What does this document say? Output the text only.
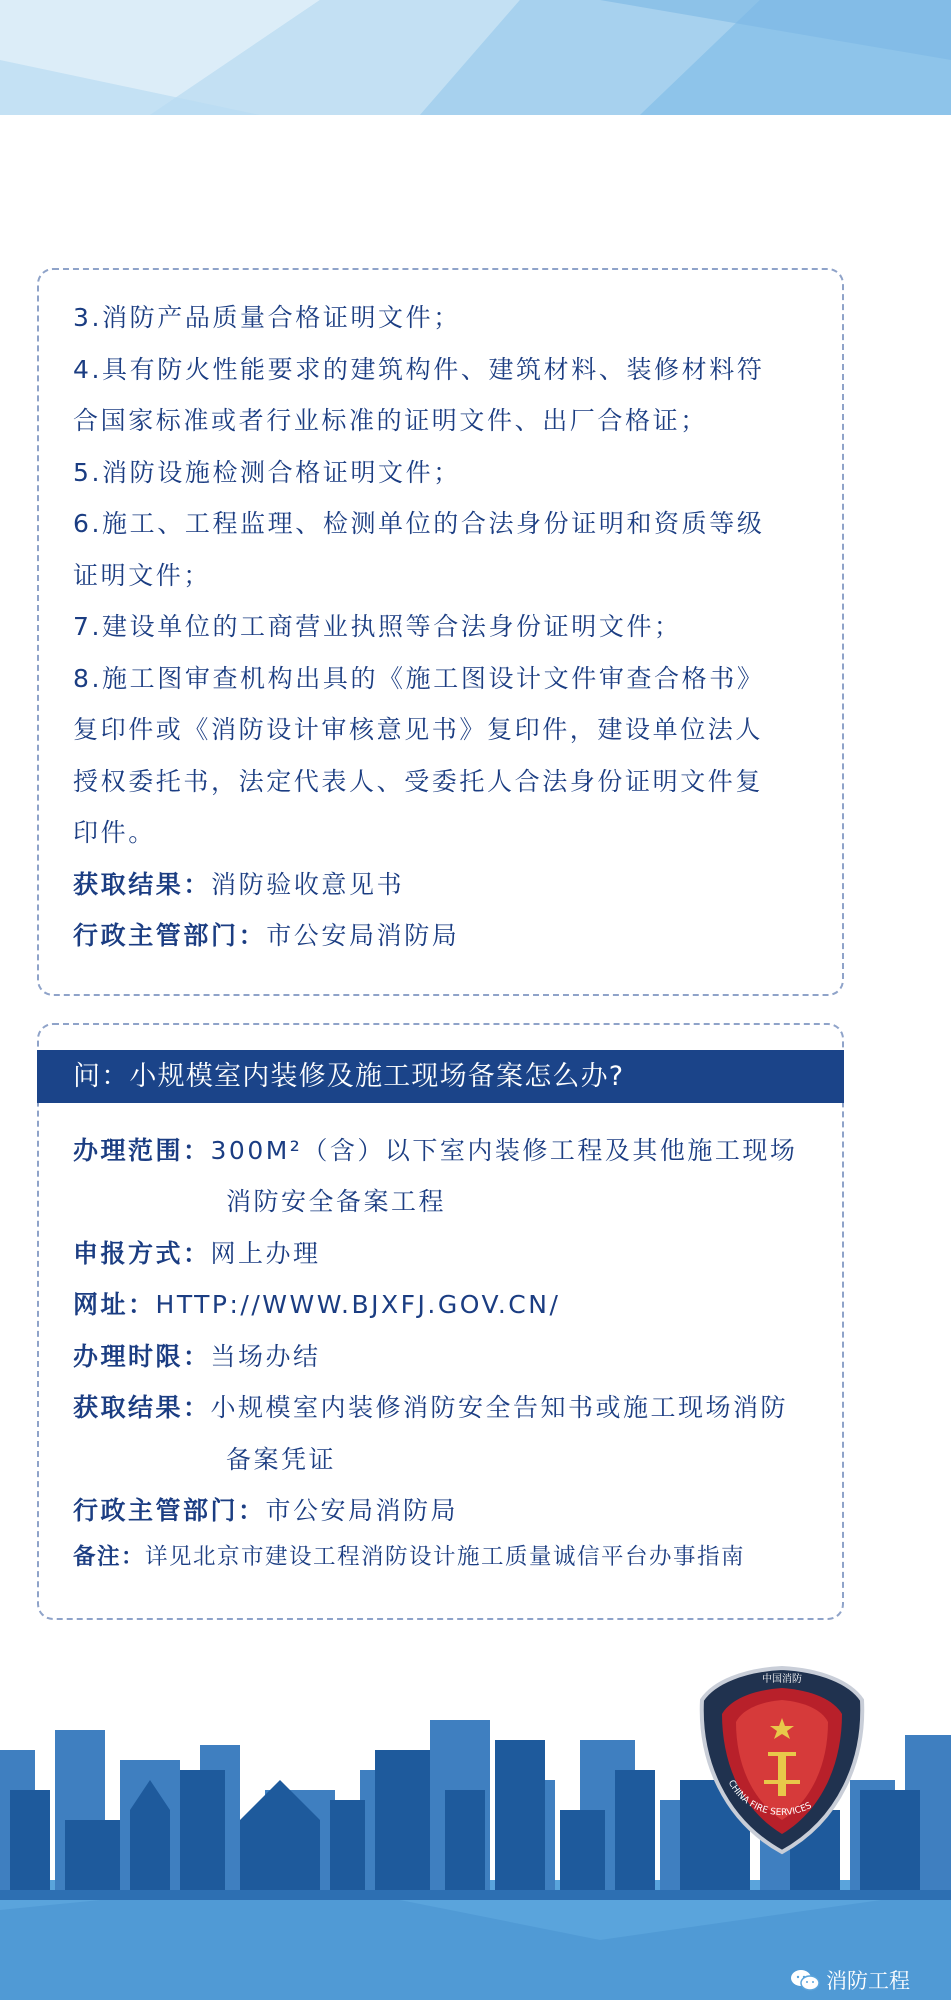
3.消防产品质量合格证明文件；
4.具有防火性能要求的建筑构件、建筑材料、装修材料符
合国家标准或者行业标准的证明文件、出厂合格证；
5.消防设施检测合格证明文件；
6.施工、工程监理、检测单位的合法身份证明和资质等级
证明文件；
7.建设单位的工商营业执照等合法身份证明文件；
8.施工图审查机构出具的《施工图设计文件审查合格书》
复印件或《消防设计审核意见书》复印件，建设单位法人
授权委托书，法定代表人、受委托人合法身份证明文件复
印件。
获取结果：消防验收意见书
行政主管部门：市公安局消防局
问：小规模室内装修及施工现场备案怎么办?
办理范围：300M²（含）以下室内装修工程及其他施工现场
消防安全备案工程
申报方式：网上办理
网址：HTTP://WWW.BJXFJ.GOV.CN/
办理时限：当场办结
获取结果：小规模室内装修消防安全告知书或施工现场消防
备案凭证
行政主管部门：市公安局消防局
备注：详见北京市建设工程消防设计施工质量诚信平台办事指南
中国消防
CHINA FIRE SERVICES
消防工程
